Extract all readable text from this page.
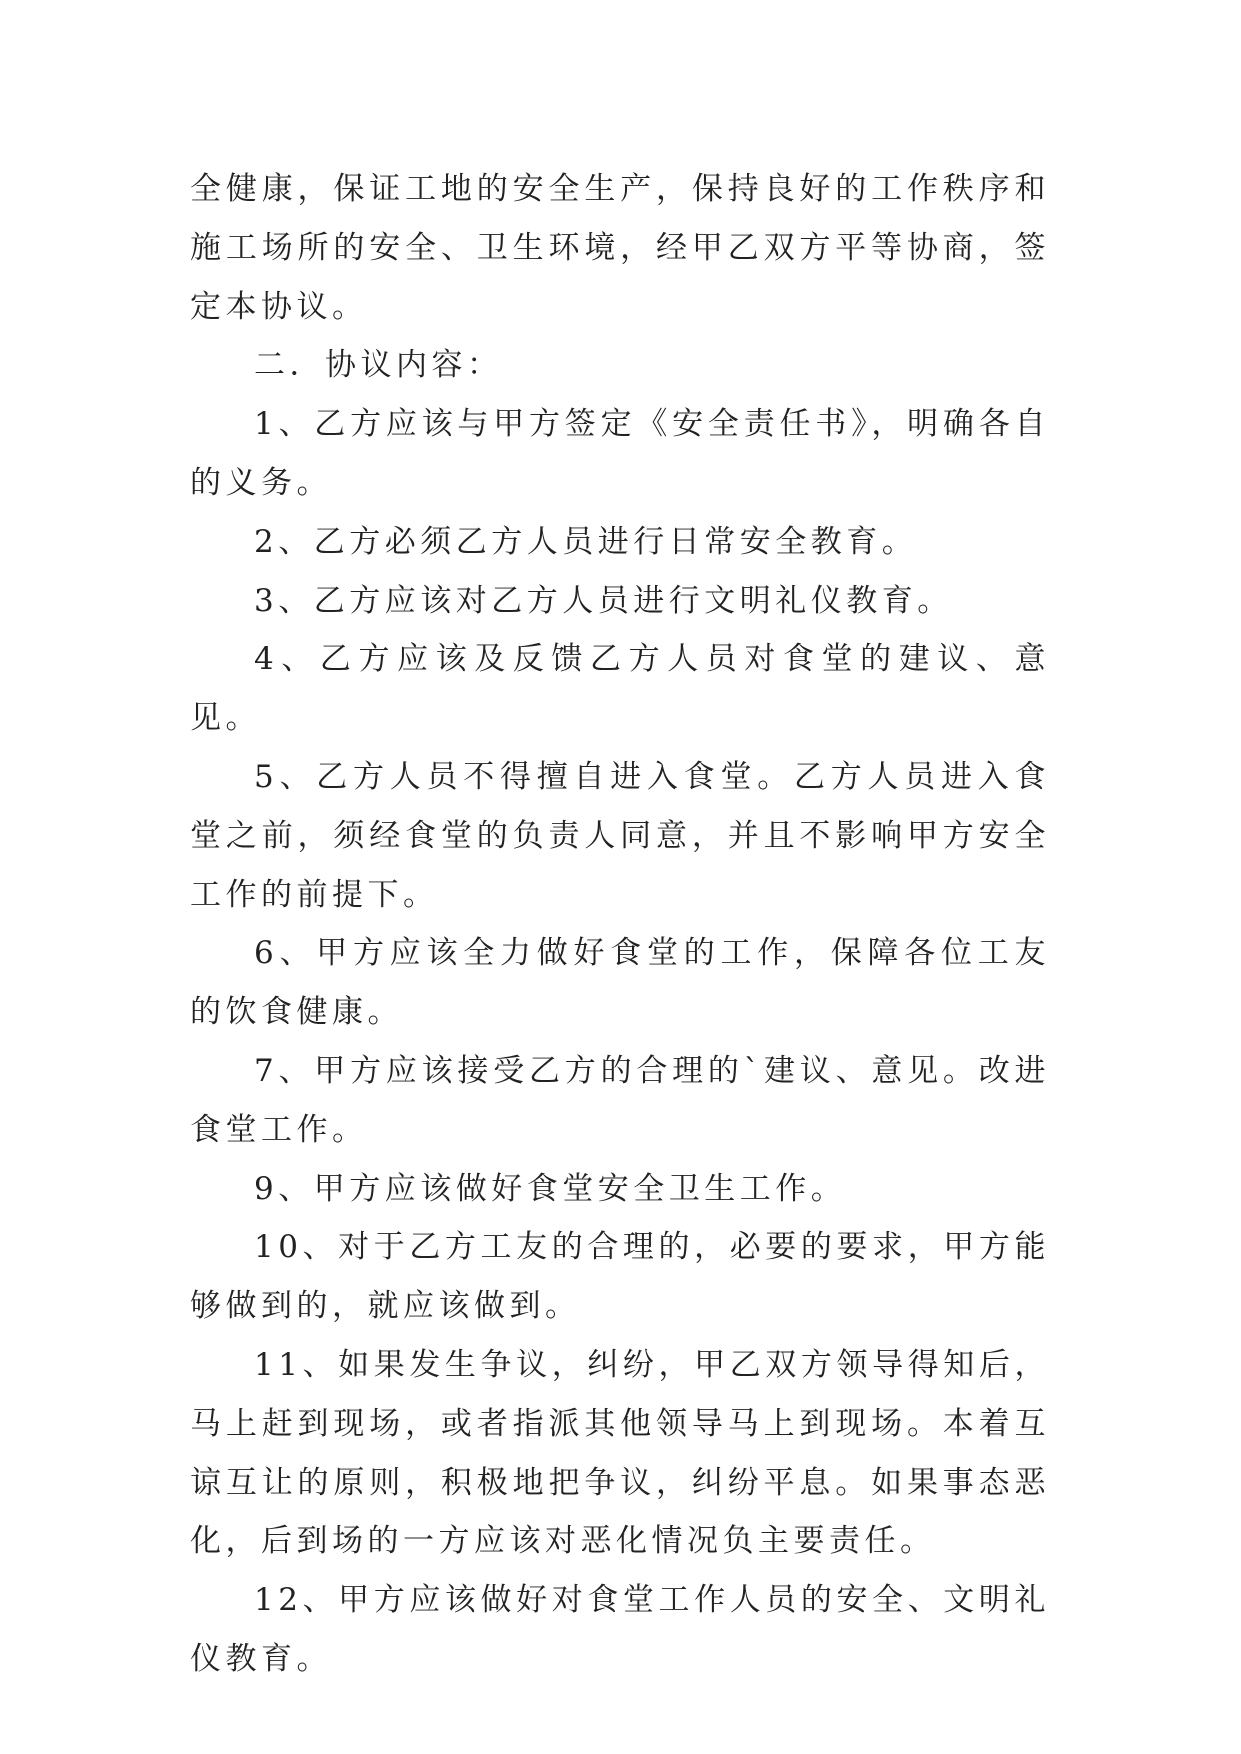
全健康，保证工地的安全生产，保持良好的工作秩序和施工场所的安全、卫生环境，经甲乙双方平等协商，签定本协议。

二．协议内容：

1、乙方应该与甲方签定《安全责任书》，明确各自的义务。

2、乙方必须乙方人员进行日常安全教育。

3、乙方应该对乙方人员进行文明礼仪教育。

4、乙方应该及反馈乙方人员对食堂的建议、意见。

5、乙方人员不得擅自进入食堂。乙方人员进入食堂之前，须经食堂的负责人同意，并且不影响甲方安全工作的前提下。

6、甲方应该全力做好食堂的工作，保障各位工友的饮食健康。

7、甲方应该接受乙方的合理的`建议、意见。改进食堂工作。

9、甲方应该做好食堂安全卫生工作。

10、对于乙方工友的合理的，必要的要求，甲方能够做到的，就应该做到。

11、如果发生争议，纠纷，甲乙双方领导得知后，马上赶到现场，或者指派其他领导马上到现场。本着互谅互让的原则，积极地把争议，纠纷平息。如果事态恶化，后到场的一方应该对恶化情况负主要责任。

12、甲方应该做好对食堂工作人员的安全、文明礼仪教育。
